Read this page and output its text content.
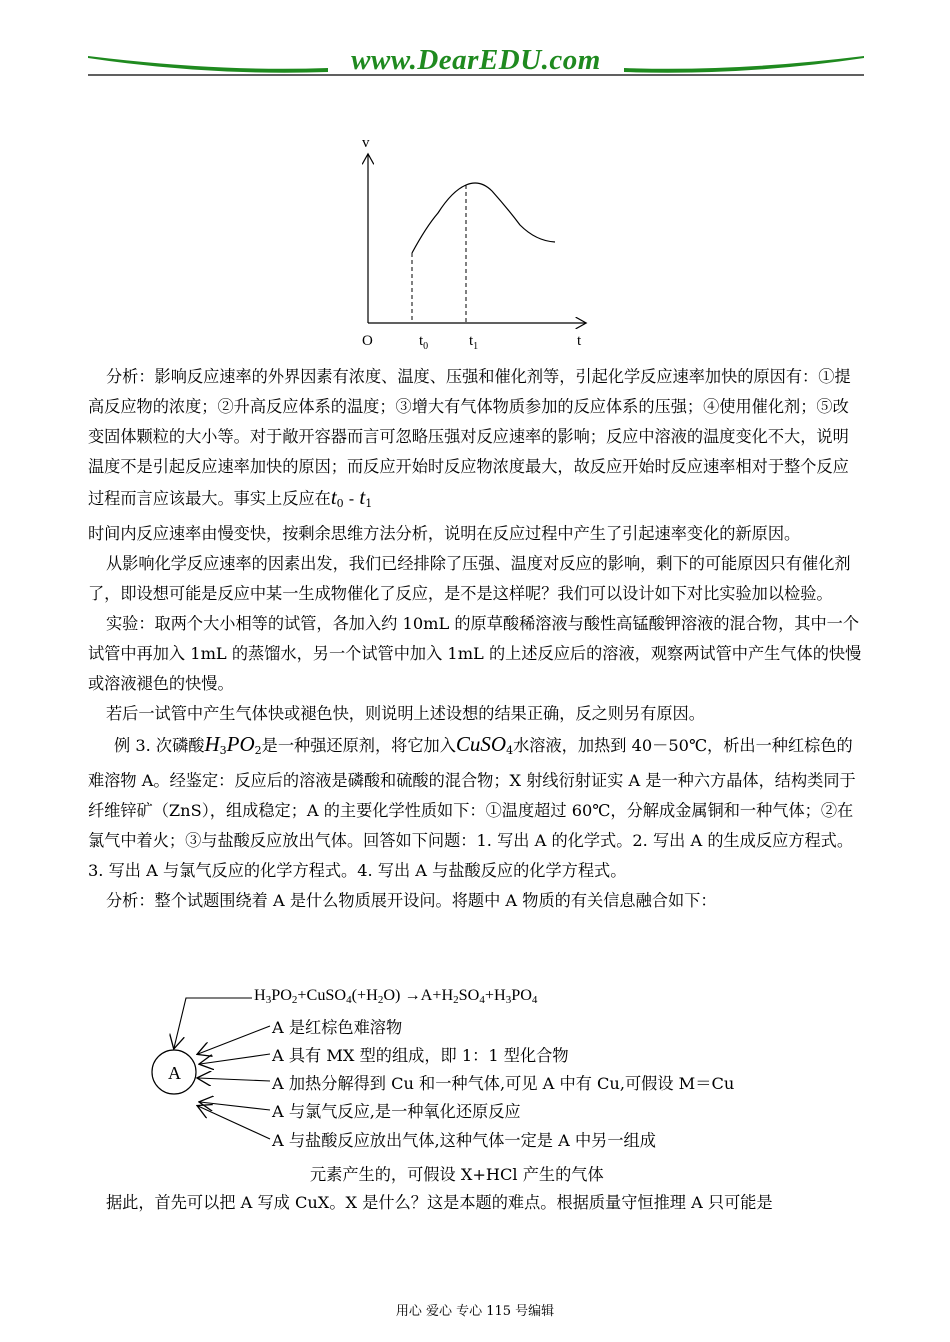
www.DearEDU.com
v
O	t
$t_0$	$t_1$

分析：影响反应速率的外界因素有浓度、温度、压强和催化剂等，引起化学反应速率加快的原因有：①提高反应物的浓度；②升高反应体系的温度；③增大有气体物质参加的反应体系的压强；④使用催化剂；⑤改变固体颗粒的大小等。对于敞开容器而言可忽略压强对反应速率的影响；反应中溶液的温度变化不大，说明温度不是引起反应速率加快的原因；而反应开始时反应物浓度最大，故反应开始时反应速率相对于整个反应过程而言应该最大。事实上反应在$t_0 - t_1$
时间内反应速率由慢变快，按剩余思维方法分析，说明在反应过程中产生了引起速率变化的新原因。

从影响化学反应速率的因素出发，我们已经排除了压强、温度对反应的影响，剩下的可能原因只有催化剂了，即设想可能是反应中某一生成物催化了反应，是不是这样呢？我们可以设计如下对比实验加以检验。

实验：取两个大小相等的试管，各加入约 10mL 的原草酸稀溶液与酸性高锰酸钾溶液的混合物，其中一个试管中再加入 1mL 的蒸馏水，另一个试管中加入 1mL 的上述反应后的溶液，观察两试管中产生气体的快慢或溶液褪色的快慢。

若后一试管中产生气体快或褪色快，则说明上述设想的结果正确，反之则另有原因。

例 3. 次磷酸$H_3PO_2$是一种强还原剂，将它加入CuSO$_4$水溶液，加热到 40－50℃，析出一种红棕色的难溶物 A。经鉴定：反应后的溶液是磷酸和硫酸的混合物；X 射线衍射证实 A 是一种六方晶体，结构类同于纤维锌矿（ZnS），组成稳定；A 的主要化学性质如下：①温度超过 60℃，分解成金属铜和一种气体；②在氯气中着火；③与盐酸反应放出气体。回答如下问题：1. 写出 A 的化学式。2. 写出 A 的生成反应方程式。3. 写出 A 与氯气反应的化学方程式。4. 写出 A 与盐酸反应的化学方程式。

分析：整个试题围绕着 A 是什么物质展开设问。将题中 A 物质的有关信息融合如下：

A
$H_3PO_2+CuSO_4(+H_2O) \to A+H_2SO_4+H_3PO_4$
A 是红棕色难溶物
A 具有 MX 型的组成，即 1：1 型化合物
A 加热分解得到 Cu 和一种气体,可见 A 中有 Cu,可假设 M＝Cu
A 与氯气反应,是一种氧化还原反应
A 与盐酸反应放出气体,这种气体一定是 A 中另一组成
元素产生的，可假设 X+HCl 产生的气体

据此，首先可以把 A 写成 CuX。X 是什么？这是本题的难点。根据质量守恒推理 A 只可能是

用心 爱心 专心 115 号编辑
